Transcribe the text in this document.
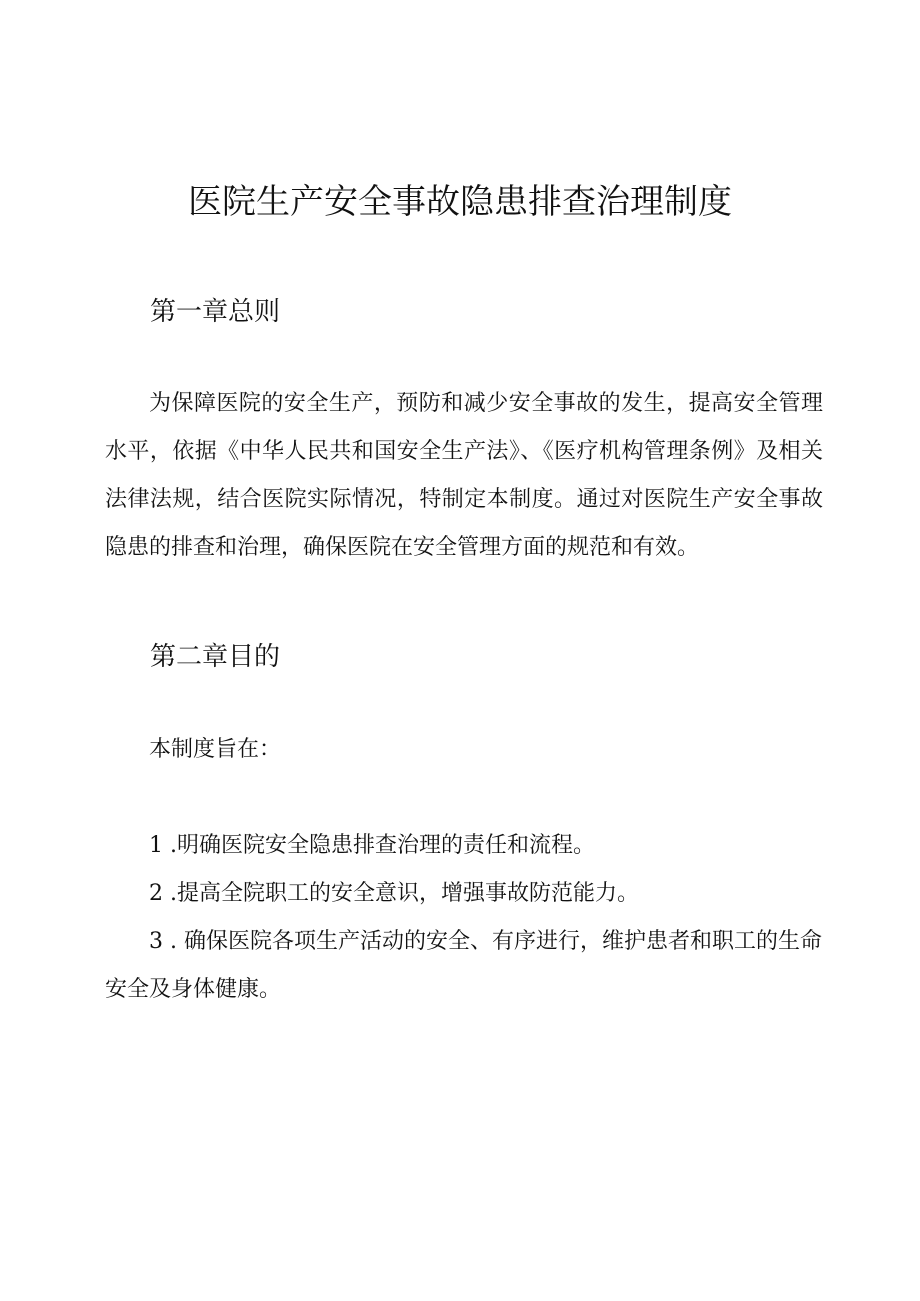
医院生产安全事故隐患排查治理制度
第一章总则

为保障医院的安全生产，预防和减少安全事故的发生，提高安全管理水平，依据《中华人民共和国安全生产法》、《医疗机构管理条例》及相关法律法规，结合医院实际情况，特制定本制度。通过对医院生产安全事故隐患的排查和治理，确保医院在安全管理方面的规范和有效。

第二章目的

本制度旨在：

1 .明确医院安全隐患排查治理的责任和流程。
2 .提高全院职工的安全意识，增强事故防范能力。
3 . 确保医院各项生产活动的安全、有序进行，维护患者和职工的生命安全及身体健康。
